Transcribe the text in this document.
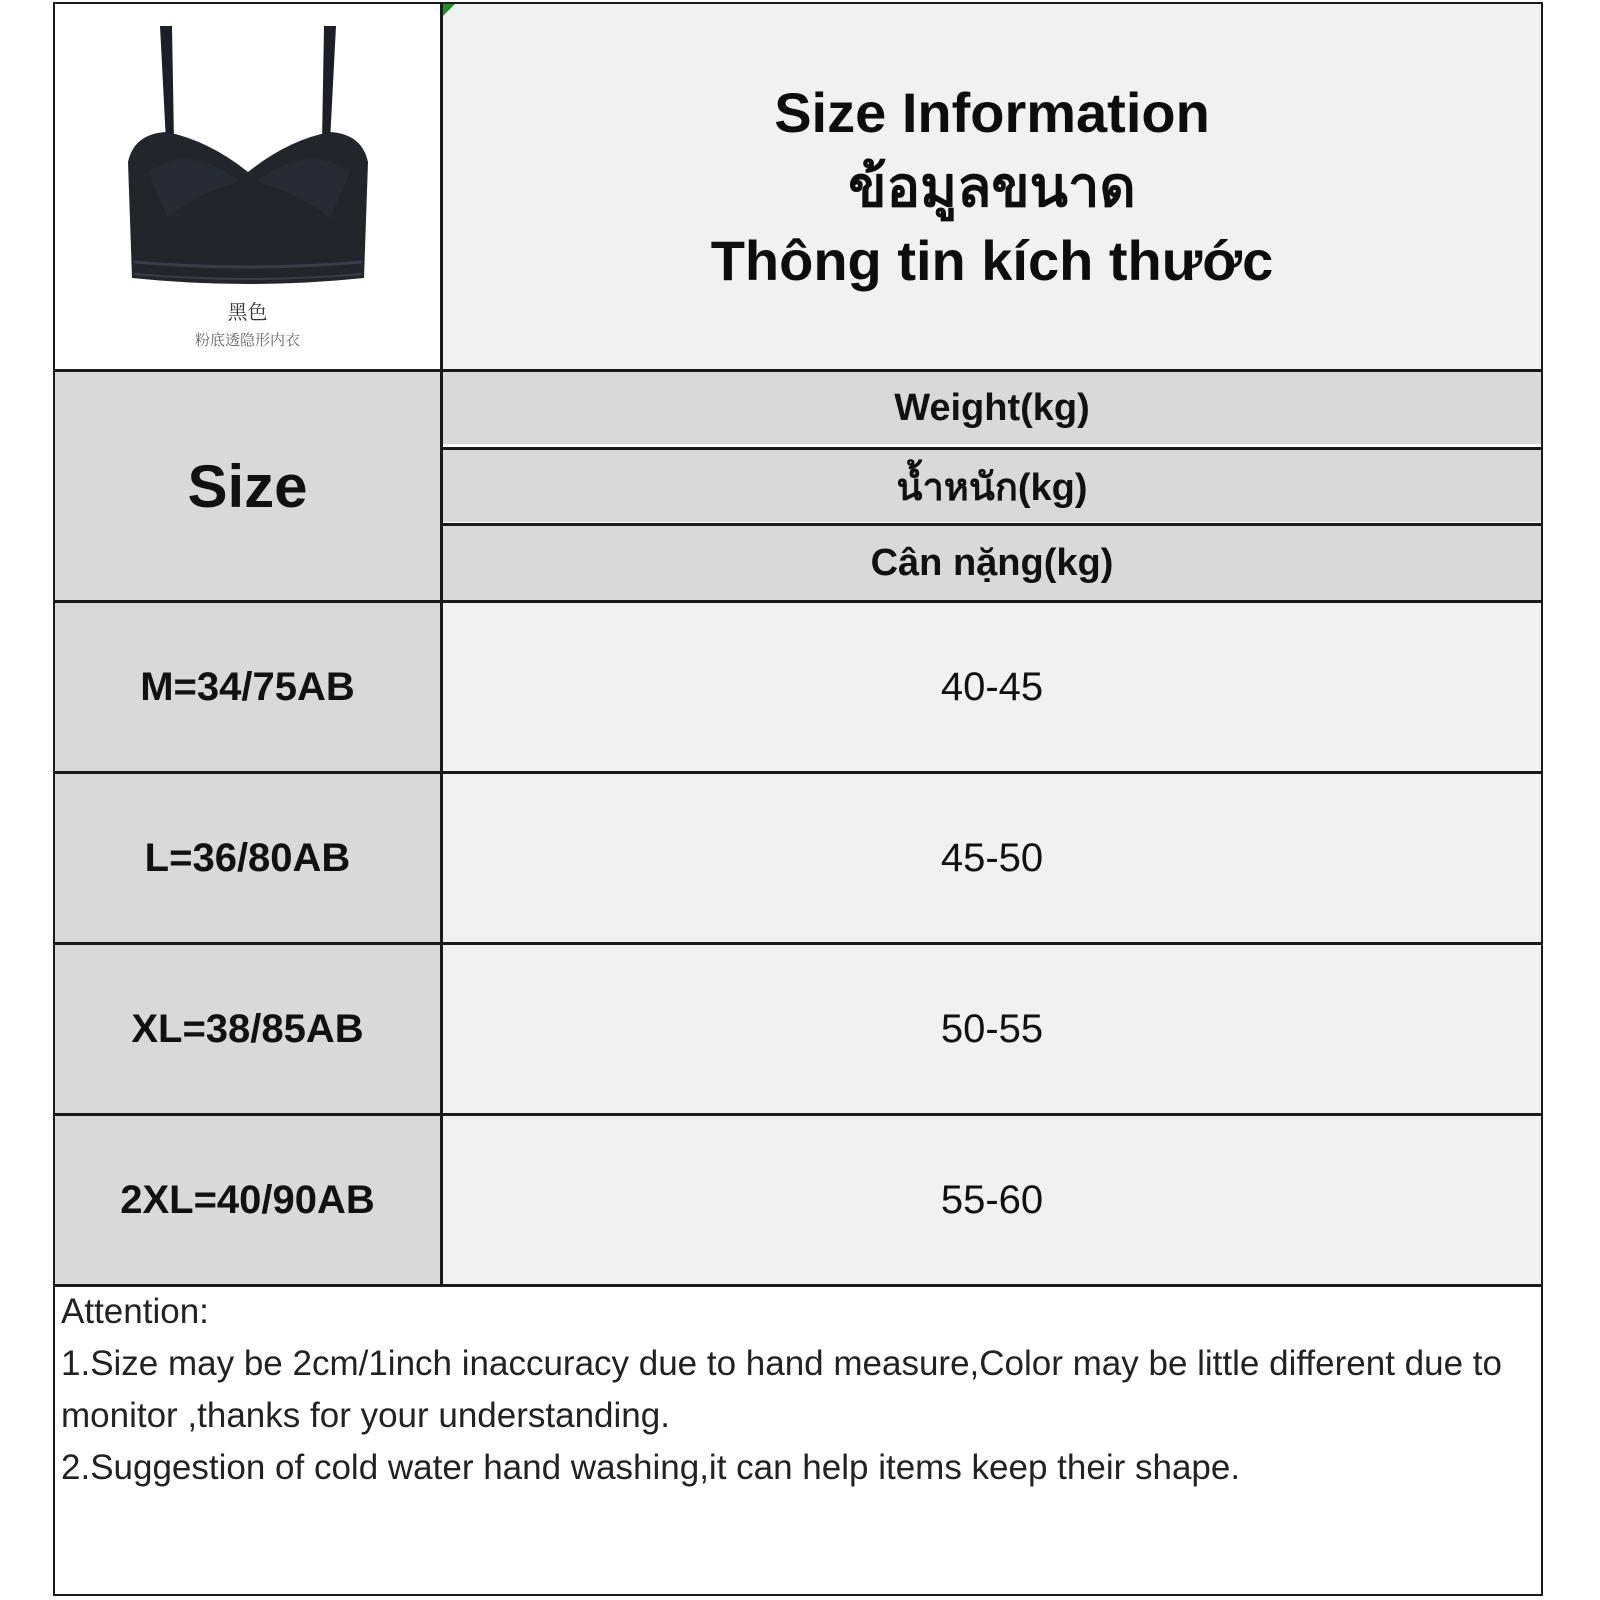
黑色
粉底透隐形内衣
Size Information
ข้อมูลขนาด
Thông tin kích thước
Size
Weight(kg)
น้ำหนัก(kg)
Cân nặng(kg)
M=34/75AB	40-45
L=36/80AB	45-50
XL=38/85AB	50-55
2XL=40/90AB	55-60
Attention:
1.Size may be 2cm/1inch inaccuracy due to hand measure,Color may be little different due to monitor ,thanks for your understanding.
2.Suggestion of cold water hand washing,it can help items keep their shape.
